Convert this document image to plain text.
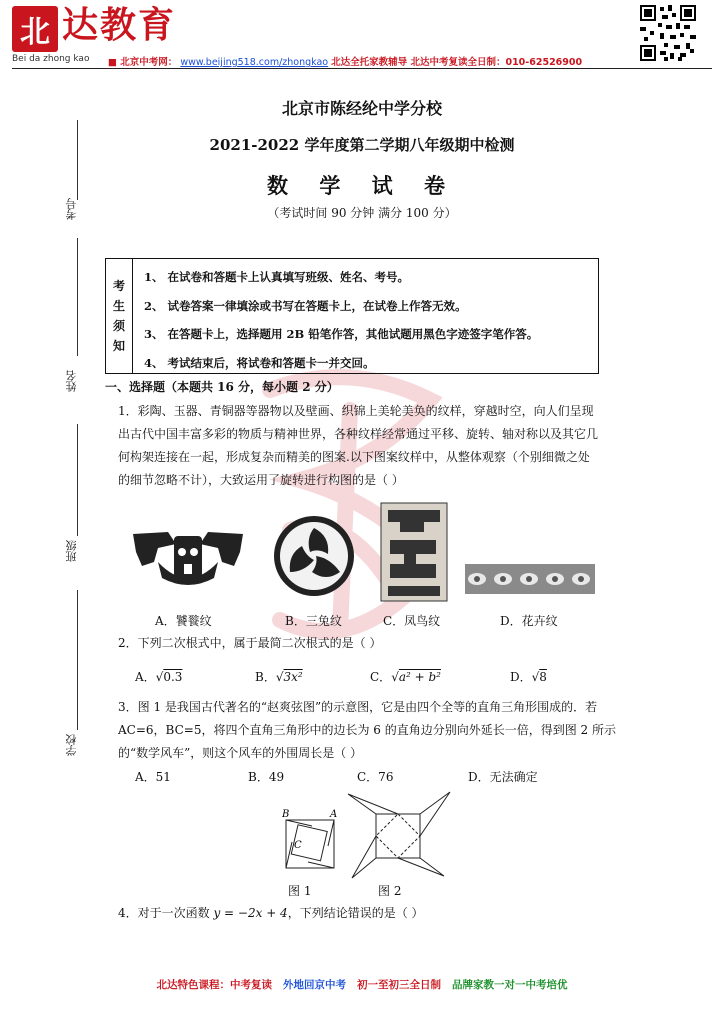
北 达教育
Bei da zhong kao ■ 北京中考网： www.beijing518.com/zhongkao 北达全托家教辅导 北达中考复读全日制：010-62526900
考号
姓名
班级
学校
北京市陈经纶中学分校
2021-2022 学年度第二学期八年级期中检测
数 学 试 卷
（考试时间 90 分钟 满分 100 分）
考
生
须
知
1、 在试卷和答题卡上认真填写班级、姓名、考号。
2、 试卷答案一律填涂或书写在答题卡上，在试卷上作答无效。
3、 在答题卡上，选择题用 2B 铅笔作答，其他试题用黑色字迹签字笔作答。
4、 考试结束后，将试卷和答题卡一并交回。
一、选择题（本题共 16 分，每小题 2 分）
1．彩陶、玉器、青铜器等器物以及壁画、织锦上美轮美奂的纹样，穿越时空，向人们呈现
出古代中国丰富多彩的物质与精神世界，各种纹样经常通过平移、旋转、轴对称以及其它几
何构架连接在一起，形成复杂而精美的图案.以下图案纹样中，从整体观察（个别细微之处
的细节忽略不计），大致运用了旋转进行构图的是（ ）
A．饕餮纹	B．三兔纹	C．凤鸟纹	D．花卉纹
2．下列二次根式中，属于最简二次根式的是（ ）
A．√0.3	B．√3x²	C．√a² + b²	D．√8
3．图 1 是我国古代著名的“赵爽弦图”的示意图，它是由四个全等的直角三角形围成的．若
AC=6，BC=5，将四个直角三角形中的边长为 6 的直角边分别向外延长一倍，得到图 2 所示
的“数学风车”，则这个风车的外围周长是（ ）
A．51	B．49	C．76	D．无法确定
B	A
C
图 1	图 2
4．对于一次函数 y = −2x + 4，下列结论错误的是（ ）
北达特色课程：中考复读 外地回京中考 初一至初三全日制 品牌家教一对一中考培优
